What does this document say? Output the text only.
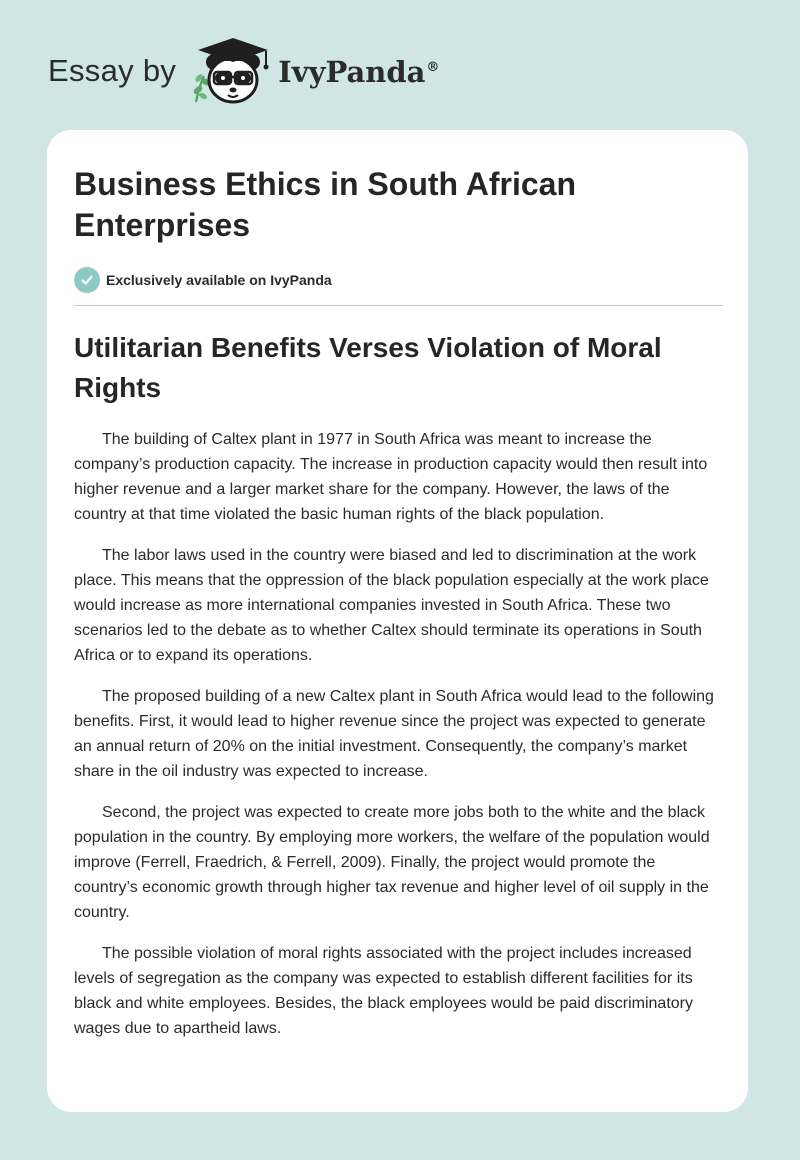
Essay by	IvyPanda®
Business Ethics in South African Enterprises
Exclusively available on IvyPanda
Utilitarian Benefits Verses Violation of Moral Rights

The building of Caltex plant in 1977 in South Africa was meant to increase the company’s production capacity. The increase in production capacity would then result into higher revenue and a larger market share for the company. However, the laws of the country at that time violated the basic human rights of the black population.

The labor laws used in the country were biased and led to discrimination at the work place. This means that the oppression of the black population especially at the work place would increase as more international companies invested in South Africa. These two scenarios led to the debate as to whether Caltex should terminate its operations in South Africa or to expand its operations.

The proposed building of a new Caltex plant in South Africa would lead to the following benefits. First, it would lead to higher revenue since the project was expected to generate an annual return of 20% on the initial investment. Consequently, the company’s market share in the oil industry was expected to increase.

Second, the project was expected to create more jobs both to the white and the black population in the country. By employing more workers, the welfare of the population would improve (Ferrell, Fraedrich, & Ferrell, 2009). Finally, the project would promote the country’s economic growth through higher tax revenue and higher level of oil supply in the country.

The possible violation of moral rights associated with the project includes increased levels of segregation as the company was expected to establish different facilities for its black and white employees. Besides, the black employees would be paid discriminatory wages due to apartheid laws.
